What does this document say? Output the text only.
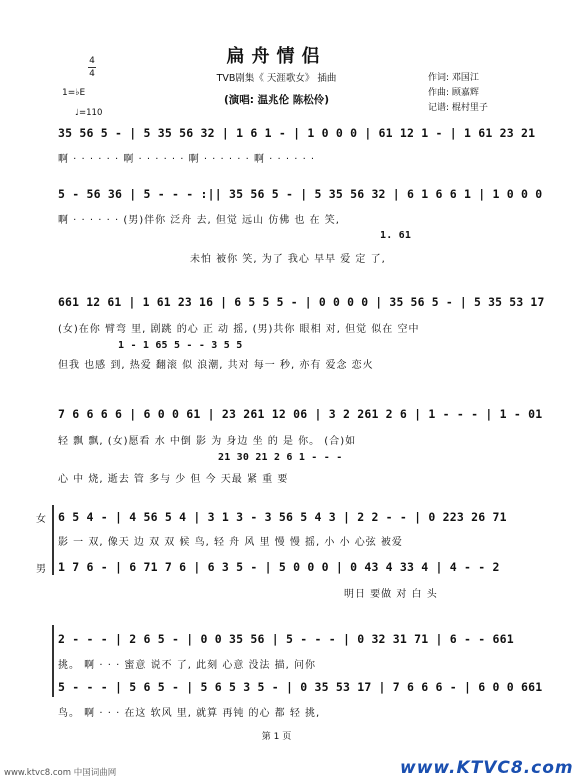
扁舟情侣
TVB剧集《 天涯歌女》 插曲
(演唱: 温兆伦 陈松伶)
作词: 邓国江
作曲: 顾嘉辉
记谱: 棍村里子
4
4
1=♭E
♩=110
35 56 5 - | 5 35 56 32 | 1 6 1 - | 1 0 0 0 | 61 12 1 - | 1 61 23 21
啊 · · · · · · 啊 · · · · · · 啊 · · · · · · 啊 · · · · · ·
5 - 56 36 | 5 - - - :|| 35 56 5 - | 5 35 56 32 | 6 1 6 6 1 | 1 0 0 0
啊 · · · · · · (男)伴你 泛舟 去, 但觉 远山 仿佛 也 在 笑,
1. 61
未怕 被你 笑, 为了 我心 早早 爱 定 了,
661 12 61 | 1 61 23 16 | 6 5 5 5 - | 0 0 0 0 | 35 56 5 - | 5 35 53 17
(女)在你 臂弯 里, 剧跳 的心 正 动 摇, (男)共你 眼相 对, 但觉 似在 空中
1 - 1 65 5 - - 3 5 5
但我 也感 到, 热爱 翻滚 似 浪潮, 共对 每一 秒, 亦有 爱念 恋火
7 6 6 6 6 | 6 0 0 61 | 23 261 12 06 | 3 2 261 2 6 | 1 - - - | 1 - 01
轻 飘 飘, (女)愿看 水 中倒 影 为 身边 坐 的 是 你。 (合)如
21 30 21 2 6 1 - - -
心 中 烧, 逝去 管 多与 少 但 今 天最 紧 重 要
女 6 5 4 - | 4 56 5 4 | 3 1 3 - 3 56 5 4 3 | 2 2 - - | 0 223 26 71
影 一 双, 像天 边 双 双 候 鸟, 轻 舟 风 里 慢 慢 摇, 小 小 心弦 被爱
男 1 7 6 - | 6 71 7 6 | 6 3 5 - | 5 0 0 0 | 0 43 4 33 4 | 4 - - 2
明日 要做 对 白 头
2 - - - | 2 6 5 - | 0 0 35 56 | 5 - - - | 0 32 31 71 | 6 - - 661
挑。 啊 · · · 蜜意 说不 了, 此刻 心意 没法 描, 问你
5 - - - | 5 6 5 - | 5 6 5 3 5 - | 0 35 53 17 | 7 6 6 6 - | 6 0 0 661
鸟。 啊 · · · 在这 软风 里, 就算 再钝 的心 都 轻 挑,
第 1 页
www.ktvc8.com 中国词曲网	www.KTVC8.com
